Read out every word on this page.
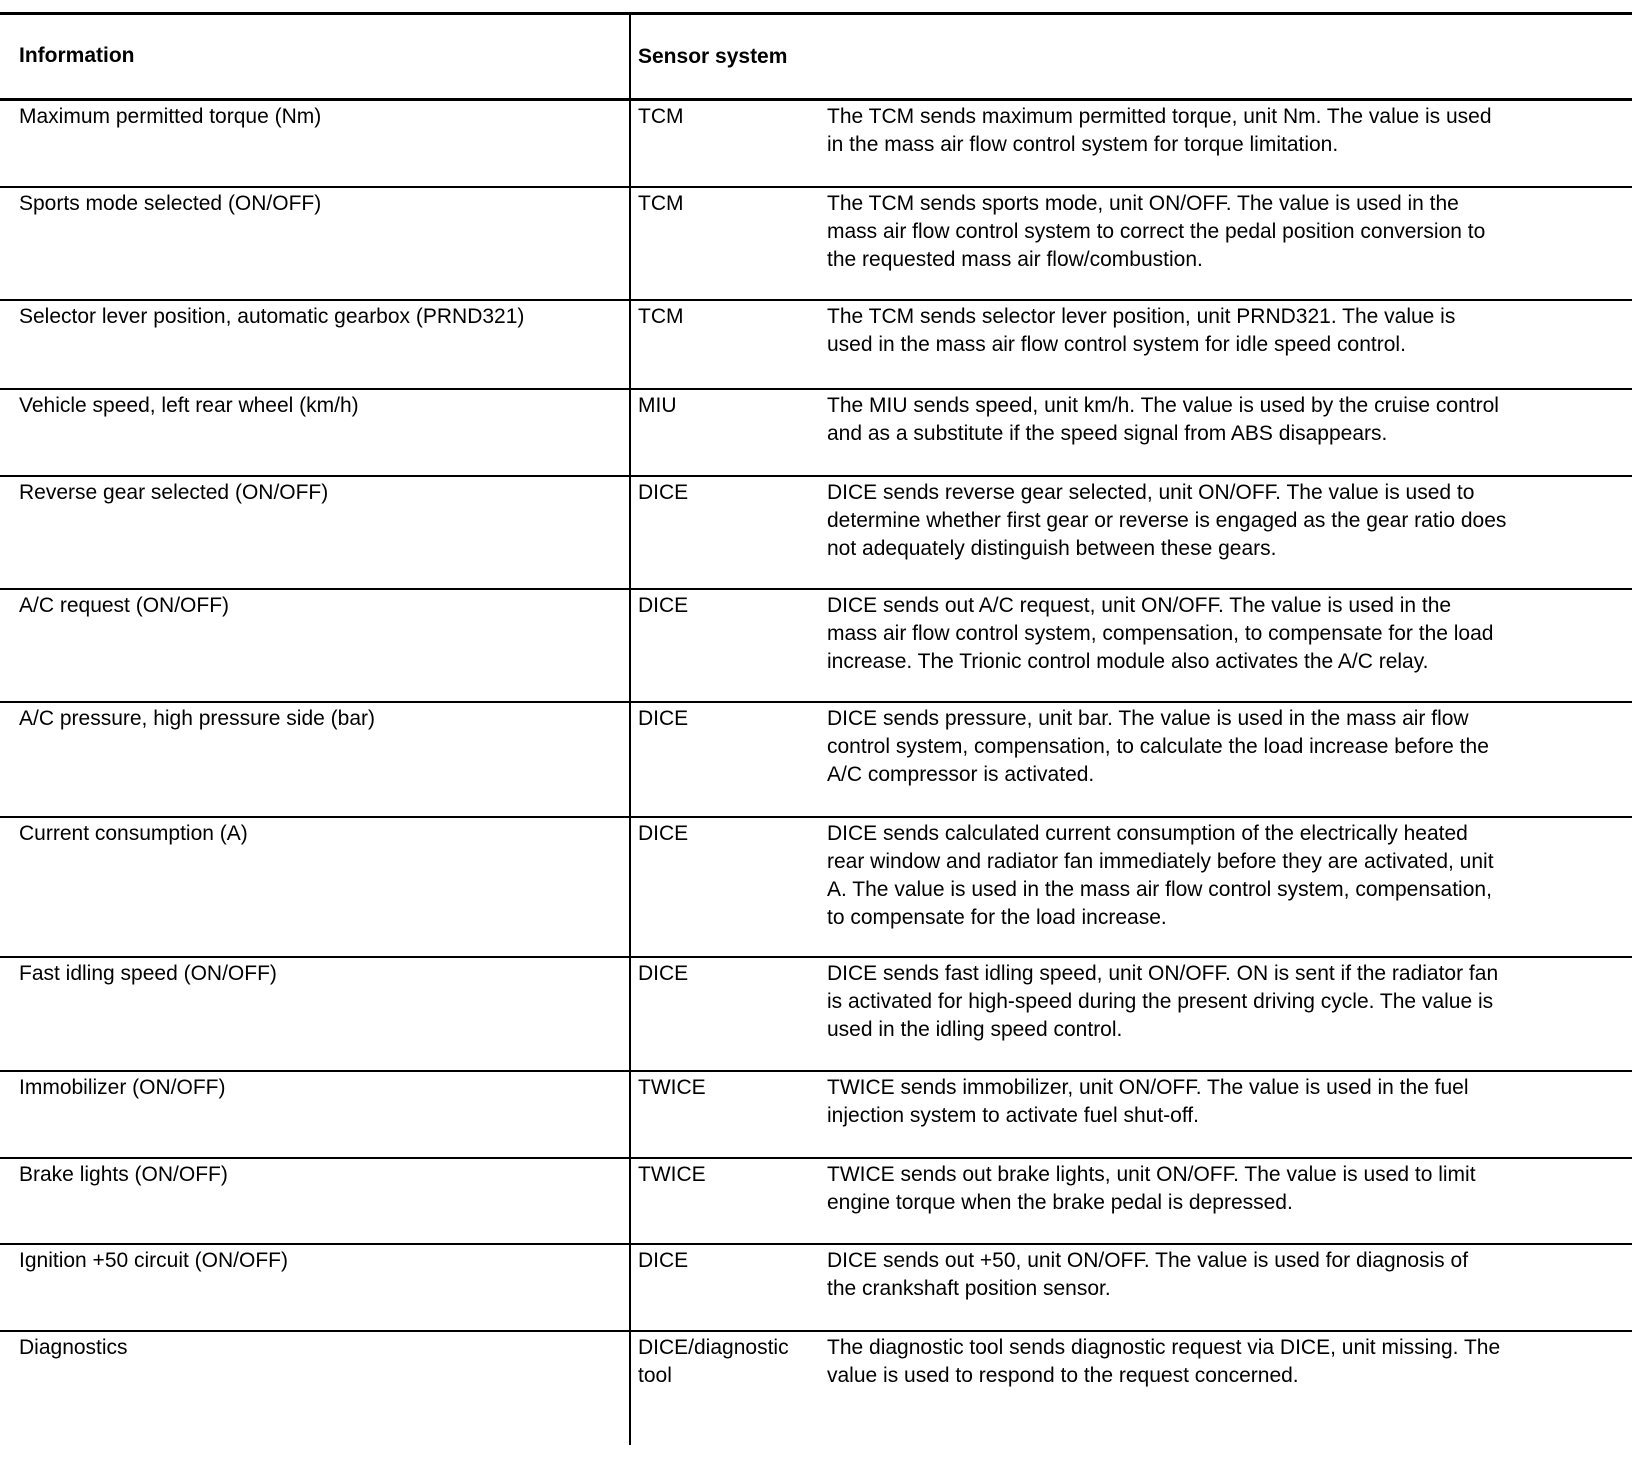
Information	Sensor system
Maximum permitted torque (Nm)	TCM	The TCM sends maximum permitted torque, unit Nm. The value is used
in the mass air flow control system for torque limitation.
Sports mode selected (ON/OFF)	TCM	The TCM sends sports mode, unit ON/OFF. The value is used in the
mass air flow control system to correct the pedal position conversion to
the requested mass air flow/combustion.
Selector lever position, automatic gearbox (PRND321)	TCM	The TCM sends selector lever position, unit PRND321. The value is
used in the mass air flow control system for idle speed control.
Vehicle speed, left rear wheel (km/h)	MIU	The MIU sends speed, unit km/h. The value is used by the cruise control
and as a substitute if the speed signal from ABS disappears.
Reverse gear selected (ON/OFF)	DICE	DICE sends reverse gear selected, unit ON/OFF. The value is used to
determine whether first gear or reverse is engaged as the gear ratio does
not adequately distinguish between these gears.
A/C request (ON/OFF)	DICE	DICE sends out A/C request, unit ON/OFF. The value is used in the
mass air flow control system, compensation, to compensate for the load
increase. The Trionic control module also activates the A/C relay.
A/C pressure, high pressure side (bar)	DICE	DICE sends pressure, unit bar. The value is used in the mass air flow
control system, compensation, to calculate the load increase before the
A/C compressor is activated.
Current consumption (A)	DICE	DICE sends calculated current consumption of the electrically heated
rear window and radiator fan immediately before they are activated, unit
A. The value is used in the mass air flow control system, compensation,
to compensate for the load increase.
Fast idling speed (ON/OFF)	DICE	DICE sends fast idling speed, unit ON/OFF. ON is sent if the radiator fan
is activated for high-speed during the present driving cycle. The value is
used in the idling speed control.
Immobilizer (ON/OFF)	TWICE	TWICE sends immobilizer, unit ON/OFF. The value is used in the fuel
injection system to activate fuel shut-off.
Brake lights (ON/OFF)	TWICE	TWICE sends out brake lights, unit ON/OFF. The value is used to limit
engine torque when the brake pedal is depressed.
Ignition +50 circuit (ON/OFF)	DICE	DICE sends out +50, unit ON/OFF. The value is used for diagnosis of
the crankshaft position sensor.
Diagnostics	DICE/diagnostic tool
The diagnostic tool sends diagnostic request via DICE, unit missing. The
value is used to respond to the request concerned.
